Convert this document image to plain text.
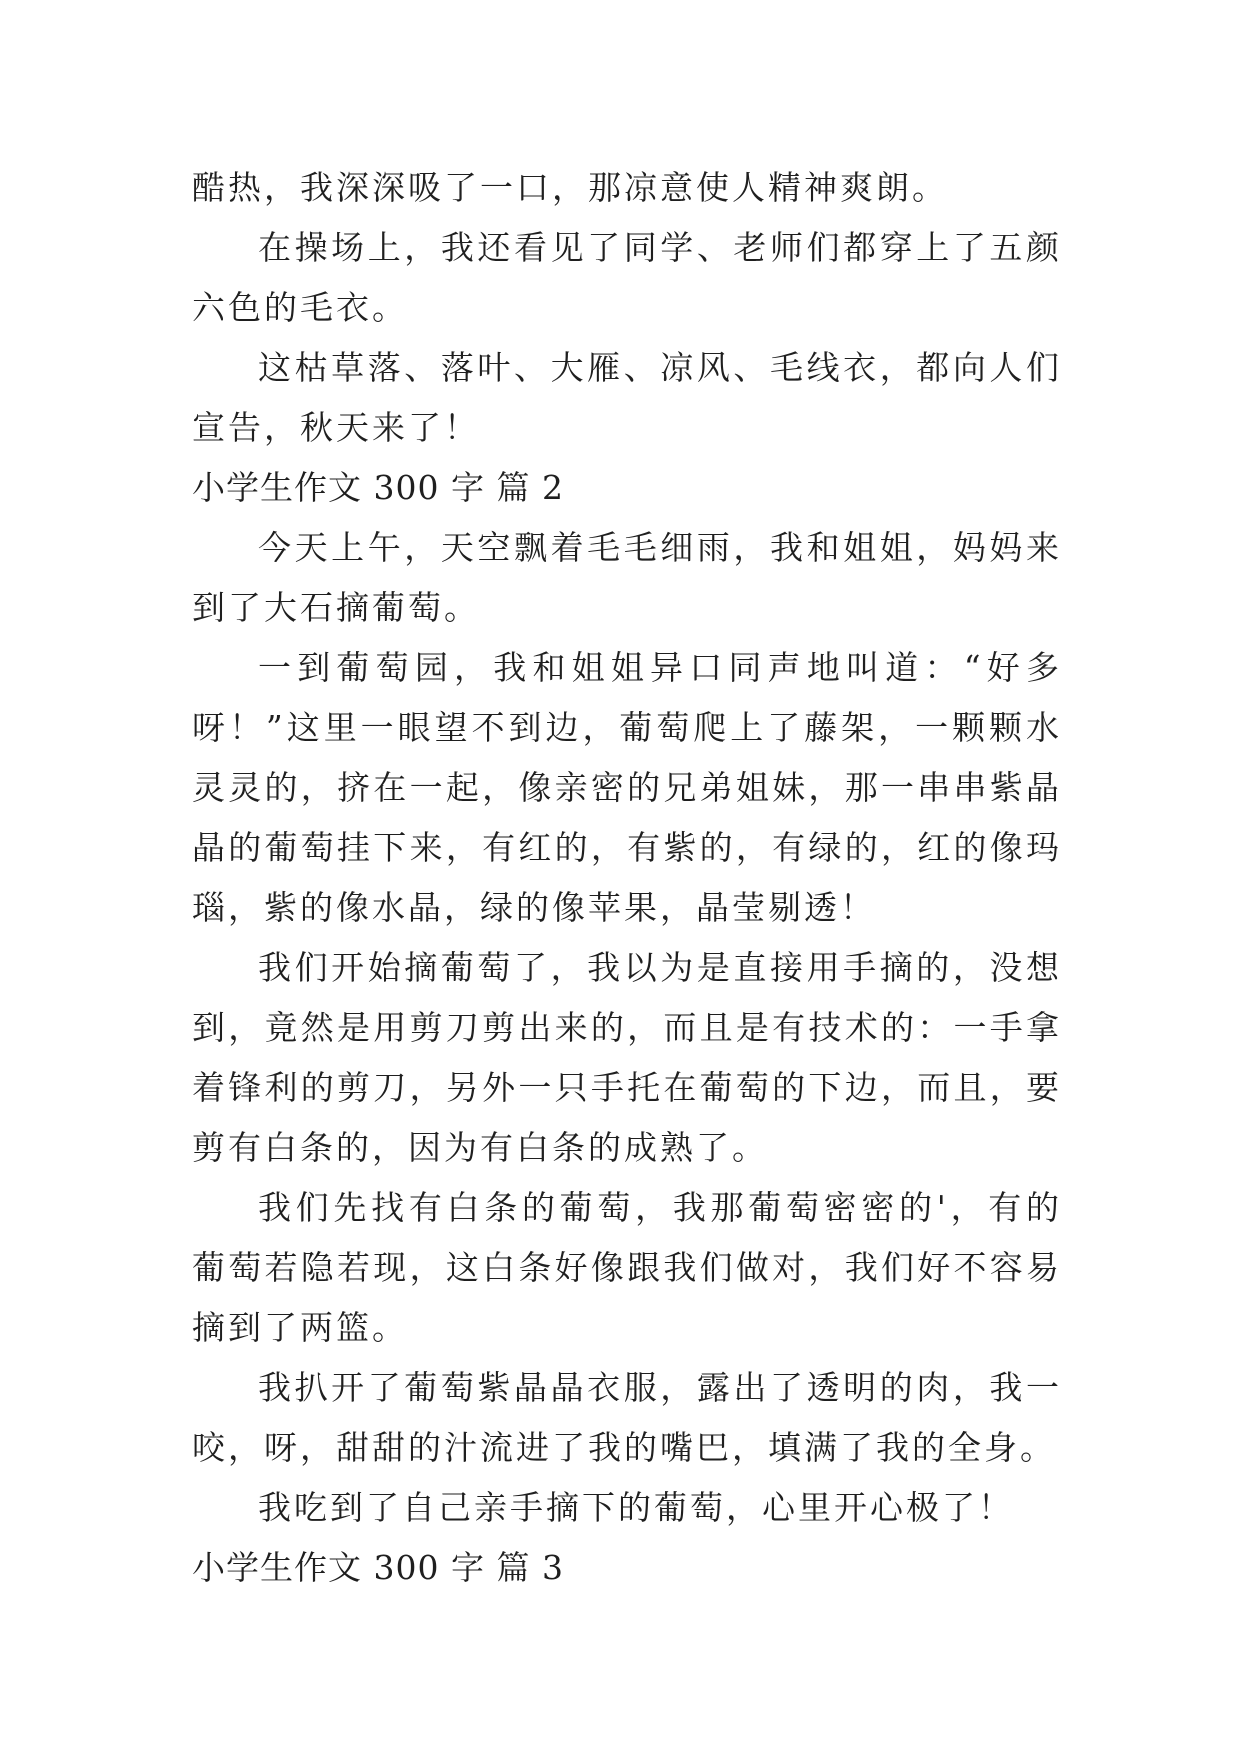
酷热，我深深吸了一口，那凉意使人精神爽朗。

在操场上，我还看见了同学、老师们都穿上了五颜六色的毛衣。

这枯草落、落叶、大雁、凉风、毛线衣，都向人们宣告，秋天来了！

小学生作文 300 字 篇 2

今天上午，天空飘着毛毛细雨，我和姐姐，妈妈来到了大石摘葡萄。

一到葡萄园，我和姐姐异口同声地叫道：“好多呀！”这里一眼望不到边，葡萄爬上了藤架，一颗颗水灵灵的，挤在一起，像亲密的兄弟姐妹，那一串串紫晶晶的葡萄挂下来，有红的，有紫的，有绿的，红的像玛瑙，紫的像水晶，绿的像苹果，晶莹剔透！

我们开始摘葡萄了，我以为是直接用手摘的，没想到，竟然是用剪刀剪出来的，而且是有技术的：一手拿着锋利的剪刀，另外一只手托在葡萄的下边，而且，要剪有白条的，因为有白条的成熟了。

我们先找有白条的葡萄，我那葡萄密密的'，有的葡萄若隐若现，这白条好像跟我们做对，我们好不容易摘到了两篮。

我扒开了葡萄紫晶晶衣服，露出了透明的肉，我一咬，呀，甜甜的汁流进了我的嘴巴，填满了我的全身。

我吃到了自己亲手摘下的葡萄，心里开心极了！

小学生作文 300 字 篇 3
